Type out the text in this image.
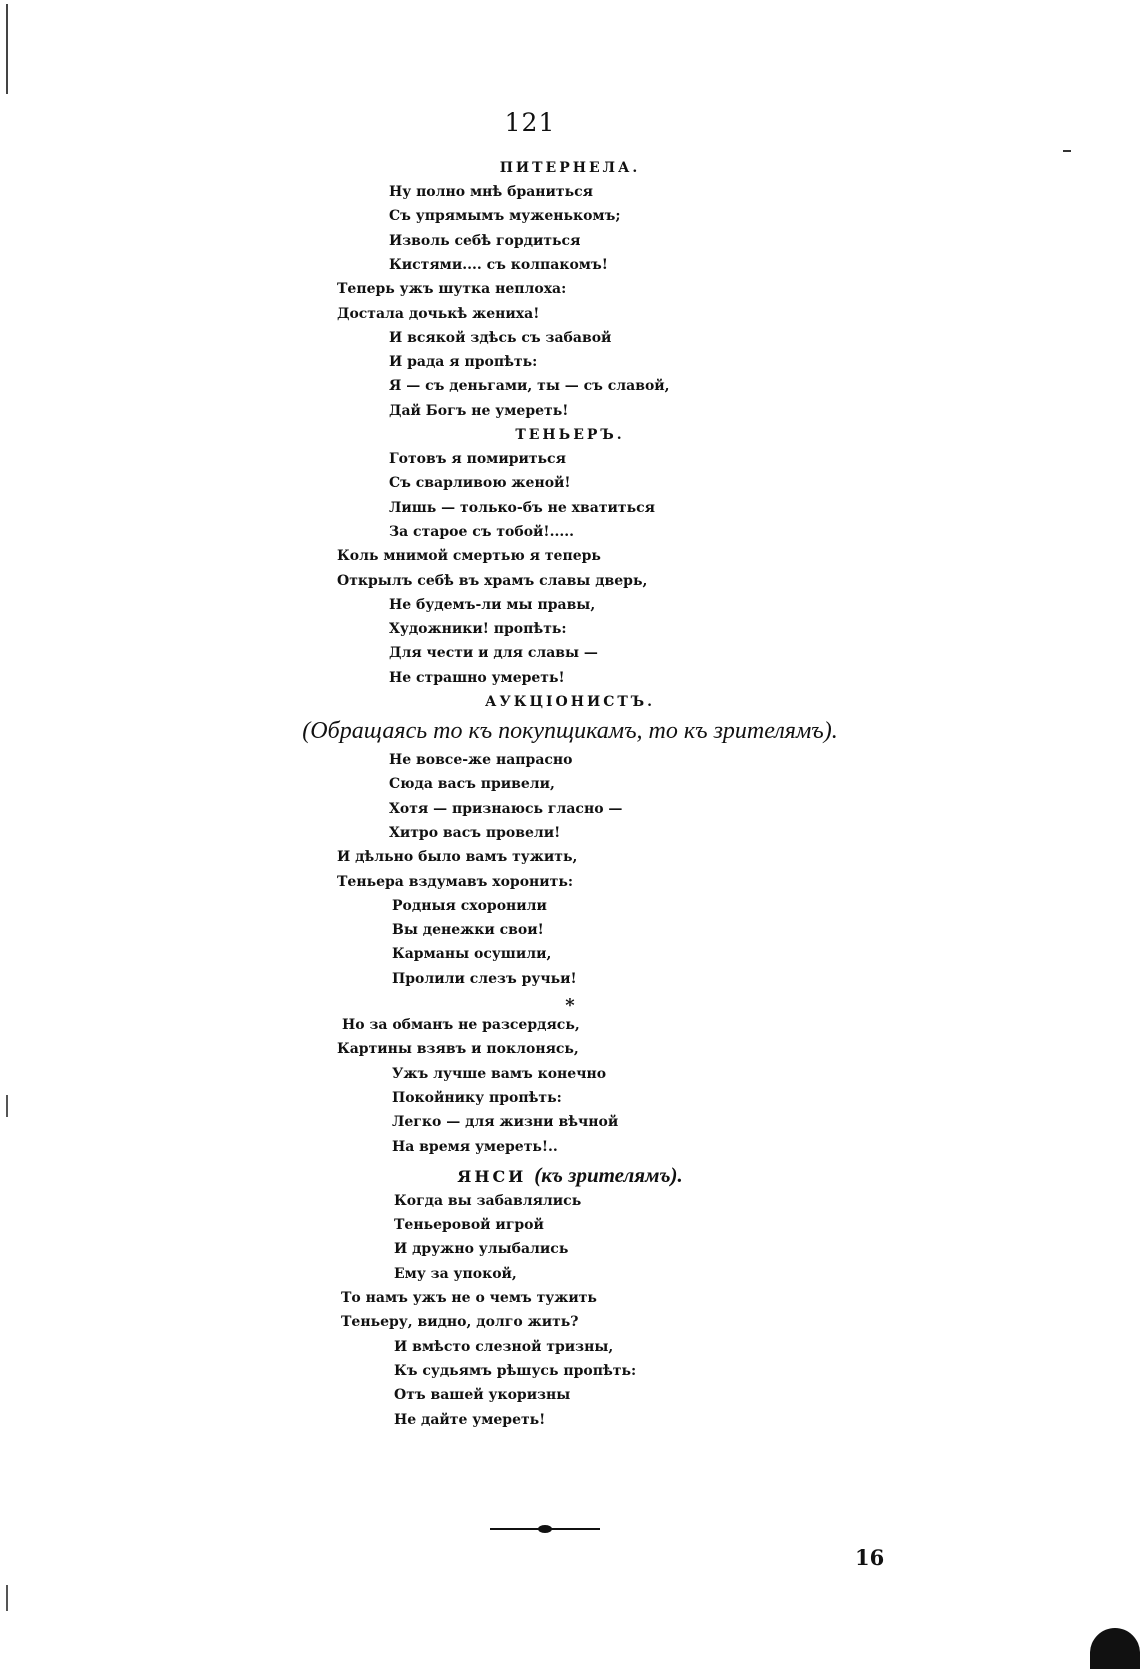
121
ПИТЕРНЕЛА.
Ну полно мнѣ браниться
Съ упрямымъ муженькомъ;
Изволь себѣ гордиться
Кистями.... съ колпакомъ!
Теперь ужъ шутка неплоха:
Достала дочькѣ жениха!
И всякой здѣсь съ забавой
И рада я пропѣть:
Я — съ деньгами, ты — съ славой,
Дай Богъ не умереть!
ТЕНЬЕРЪ.
Готовъ я помириться
Съ сварливою женой!
Лишь — только-бъ не хватиться
За старое съ тобой!.....
Коль мнимой смертью я теперь
Открылъ себѣ въ храмъ славы дверь,
Не будемъ-ли мы правы,
Художники! пропѣть:
Для чести и для славы —
Не страшно умереть!
АУКЦІОНИСТЪ.
(Обращаясь то къ покупщикамъ, то къ зрителямъ).
Не вовсе-же напрасно
Сюда васъ привели,
Хотя — признаюсь гласно —
Хитро васъ провели!
И дѣльно было вамъ тужить,
Теньера вздумавъ хоронить:
Родныя схоронили
Вы денежки свои!
Карманы осушили,
Пролили слезъ ручьи!
*
Но за обманъ не разсердясь,
Картины взявъ и поклонясь,
Ужъ лучше вамъ конечно
Покойнику пропѣть:
Легко — для жизни вѣчной
На время умереть!..
ЯНСИ (къ зрителямъ).
Когда вы забавлялись
Теньеровой игрой
И дружно улыбались
Ему за упокой,
То намъ ужъ не о чемъ тужить
Теньеру, видно, долго жить?
И вмѣсто слезной тризны,
Къ судьямъ рѣшусь пропѣть:
Отъ вашей укоризны
Не дайте умереть!
16
